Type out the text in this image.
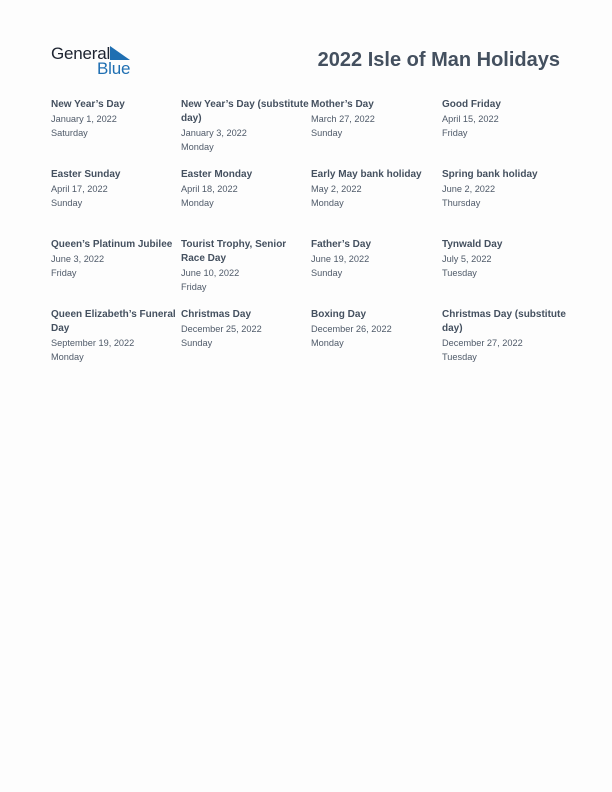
General
Blue	2022 Isle of Man Holidays
New Year’s Day
January 1, 2022
Saturday
New Year’s Day (substitute day)
January 3, 2022
Monday
Mother’s Day
March 27, 2022
Sunday
Good Friday
April 15, 2022
Friday
Easter Sunday
April 17, 2022
Sunday
Easter Monday
April 18, 2022
Monday
Early May bank holiday
May 2, 2022
Monday
Spring bank holiday
June 2, 2022
Thursday
Queen’s Platinum Jubilee
June 3, 2022
Friday
Tourist Trophy, Senior Race Day
June 10, 2022
Friday
Father’s Day
June 19, 2022
Sunday
Tynwald Day
July 5, 2022
Tuesday
Queen Elizabeth’s Funeral Day
September 19, 2022
Monday
Christmas Day
December 25, 2022
Sunday
Boxing Day
December 26, 2022
Monday
Christmas Day (substitute day)
December 27, 2022
Tuesday
